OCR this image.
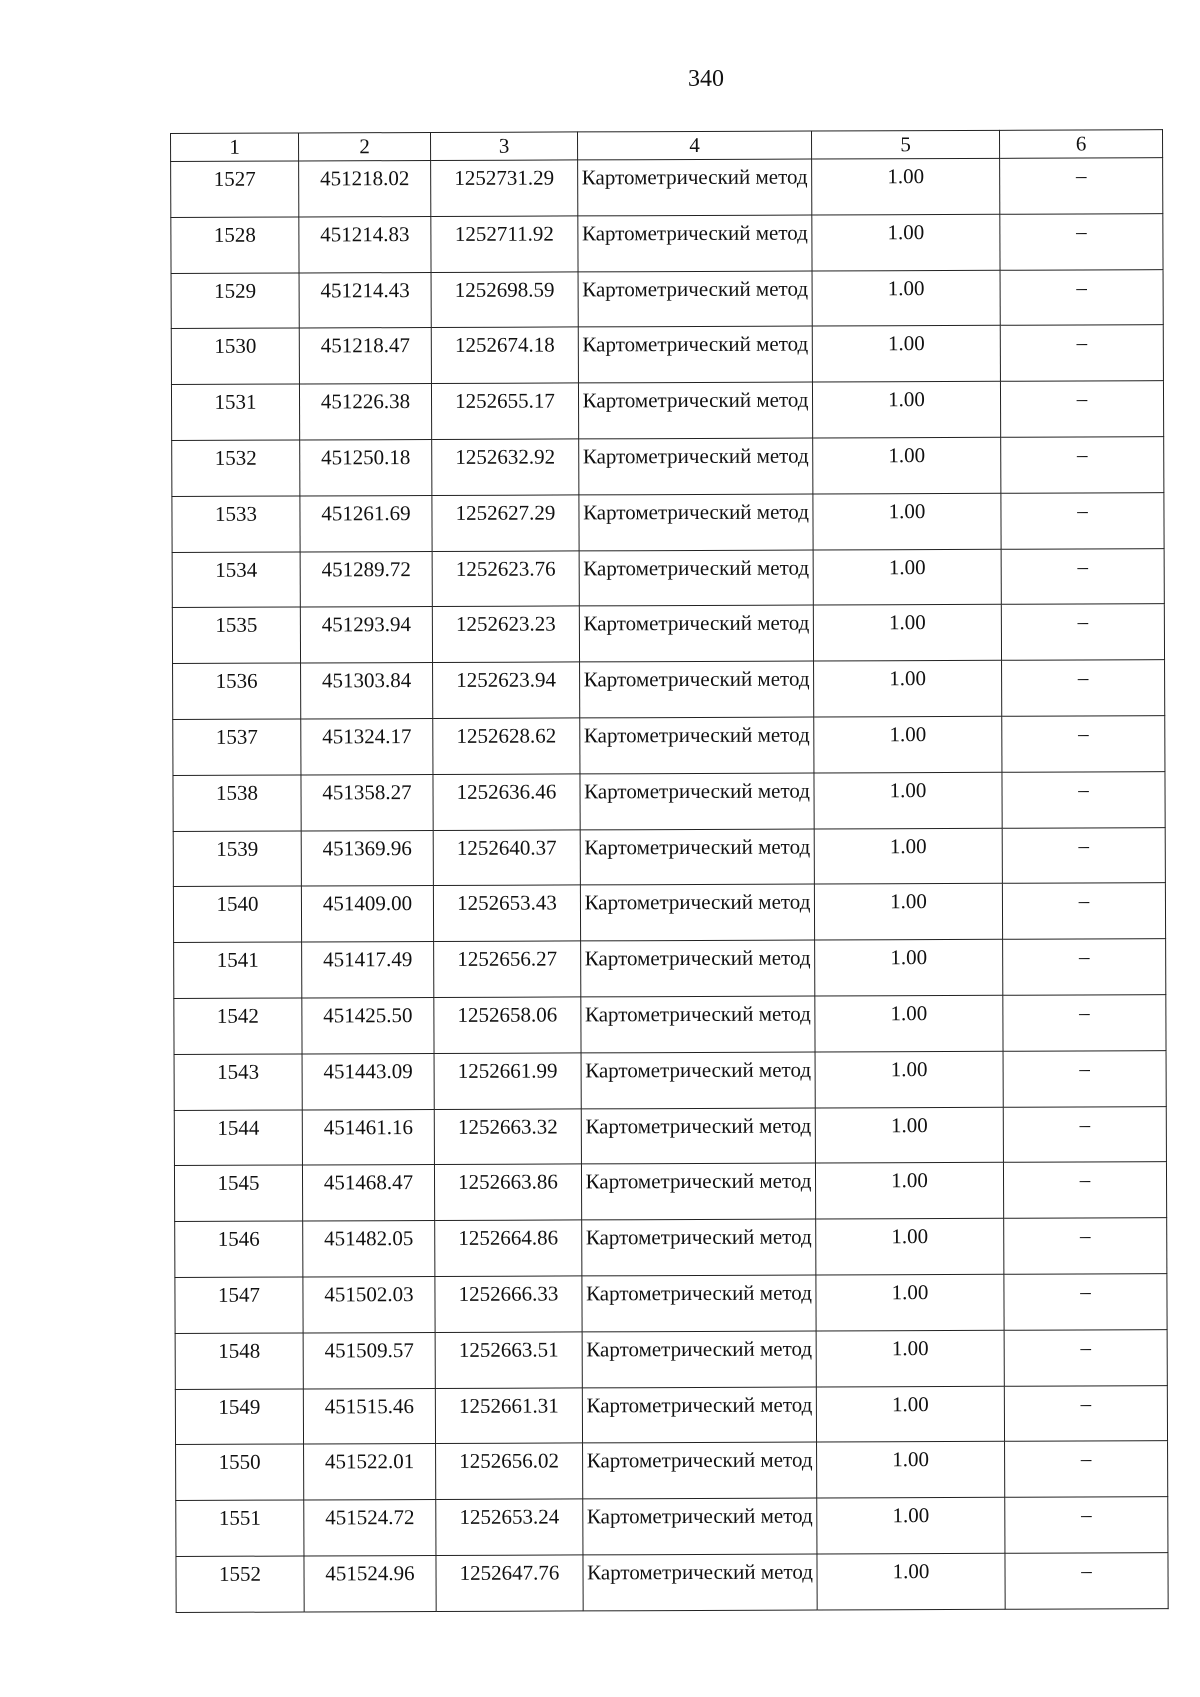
340
1	2	3	4	5	6
1527	451218.02	1252731.29	Картометрический метод	1.00	–
1528	451214.83	1252711.92	Картометрический метод	1.00	–
1529	451214.43	1252698.59	Картометрический метод	1.00	–
1530	451218.47	1252674.18	Картометрический метод	1.00	–
1531	451226.38	1252655.17	Картометрический метод	1.00	–
1532	451250.18	1252632.92	Картометрический метод	1.00	–
1533	451261.69	1252627.29	Картометрический метод	1.00	–
1534	451289.72	1252623.76	Картометрический метод	1.00	–
1535	451293.94	1252623.23	Картометрический метод	1.00	–
1536	451303.84	1252623.94	Картометрический метод	1.00	–
1537	451324.17	1252628.62	Картометрический метод	1.00	–
1538	451358.27	1252636.46	Картометрический метод	1.00	–
1539	451369.96	1252640.37	Картометрический метод	1.00	–
1540	451409.00	1252653.43	Картометрический метод	1.00	–
1541	451417.49	1252656.27	Картометрический метод	1.00	–
1542	451425.50	1252658.06	Картометрический метод	1.00	–
1543	451443.09	1252661.99	Картометрический метод	1.00	–
1544	451461.16	1252663.32	Картометрический метод	1.00	–
1545	451468.47	1252663.86	Картометрический метод	1.00	–
1546	451482.05	1252664.86	Картометрический метод	1.00	–
1547	451502.03	1252666.33	Картометрический метод	1.00	–
1548	451509.57	1252663.51	Картометрический метод	1.00	–
1549	451515.46	1252661.31	Картометрический метод	1.00	–
1550	451522.01	1252656.02	Картометрический метод	1.00	–
1551	451524.72	1252653.24	Картометрический метод	1.00	–
1552	451524.96	1252647.76	Картометрический метод	1.00	–
